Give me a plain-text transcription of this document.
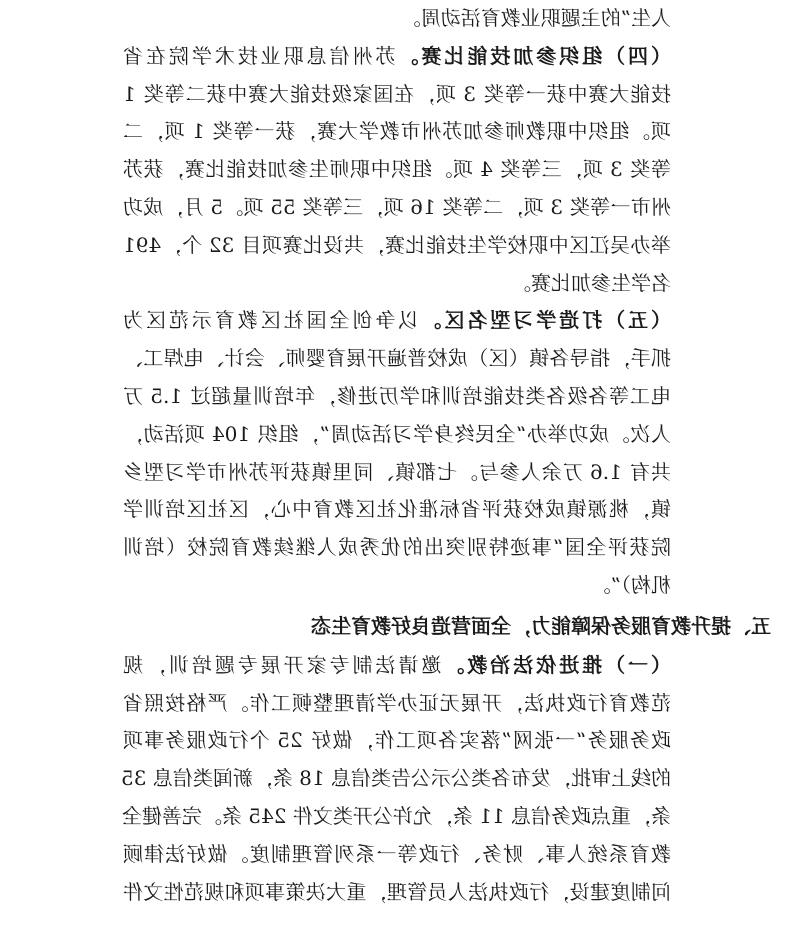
人生”的主题职业教育活动周。
（四）组织参加技能比赛。苏州信息职业技术学院在省
技能大赛中获一等奖 3 项，在国家级技能大赛中获二等奖 1
项。组织中职教师参加苏州市教学大赛，获一等奖 1 项，二
等奖 3 项，三等奖 4 项。组织中职师生参加技能比赛，获苏
州市一等奖 3 项，二等奖 16 项，三等奖 55 项。5 月，成功
举办吴江区中职校学生技能比赛，共设比赛项目 32 个，491
名学生参加比赛。
（五）打造学习型名区。以争创全国社区教育示范区为
抓手，指导各镇（区）成校普遍开展育婴师、会计、电焊工、
电工等各级各类技能培训和学历进修，年培训量超过 1.5 万
人次。成功举办“全民终身学习活动周”，组织 104 项活动，
共有 1.6 万余人参与。七都镇、同里镇获评苏州市学习型乡
镇，桃源镇成校获评省标准化社区教育中心，区社区培训学
院获评全国“事迹特别突出的优秀成人继续教育院校（培训
机构）”。
五、提升教育服务保障能力，全面营造良好教育生态
（一）推进依法治教。邀请法制专家开展专题培训，规
范教育行政执法，开展无证办学清理整顿工作。严格按照省
政务服务“一张网”落实各项工作，做好 25 个行政服务事项
的线上审批，发布各类公示公告类信息 18 条，新闻类信息 35
条，重点政务信息 11 条，允许公开类文件 245 条。完善健全
教育系统人事、财务、行政等一系列管理制度。做好法律顾
问制度建设，行政执法人员管理，重大决策事项和规范性文件
